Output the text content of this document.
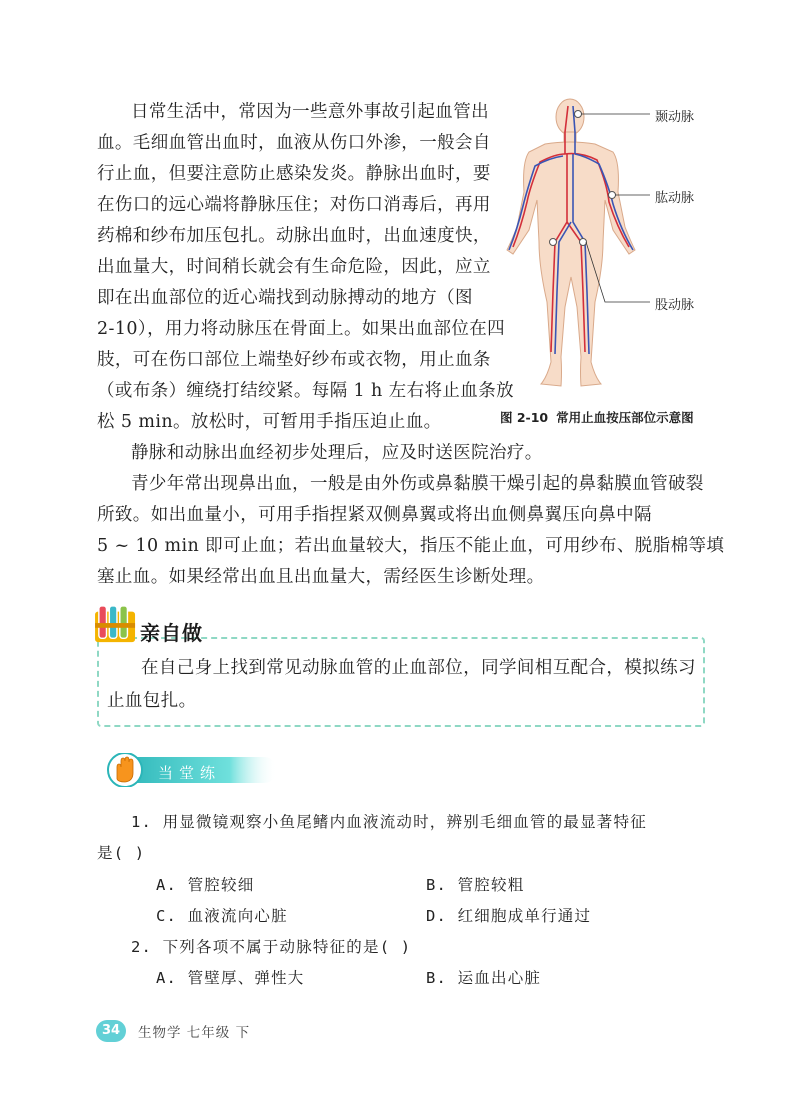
日常生活中，常因为一些意外事故引起血管出
血。毛细血管出血时，血液从伤口外渗，一般会自
行止血，但要注意防止感染发炎。静脉出血时，要
在伤口的远心端将静脉压住；对伤口消毒后，再用
药棉和纱布加压包扎。动脉出血时，出血速度快，
出血量大，时间稍长就会有生命危险，因此，应立
即在出血部位的近心端找到动脉搏动的地方（图
2-10），用力将动脉压在骨面上。如果出血部位在四
肢，可在伤口部位上端垫好纱布或衣物，用止血条
（或布条）缠绕打结绞紧。每隔 1 h 左右将止血条放
松 5 min。放松时，可暂用手指压迫止血。
静脉和动脉出血经初步处理后，应及时送医院治疗。
青少年常出现鼻出血，一般是由外伤或鼻黏膜干燥引起的鼻黏膜血管破裂
所致。如出血量小，可用手指捏紧双侧鼻翼或将出血侧鼻翼压向鼻中隔
5 ~ 10 min 即可止血；若出血量较大，指压不能止血，可用纱布、脱脂棉等填
塞止血。如果经常出血且出血量大，需经医生诊断处理。
颞动脉
肱动脉
股动脉
图 2-10 常用止血按压部位示意图
亲自做
在自己身上找到常见动脉血管的止血部位，同学间相互配合，模拟练习
止血包扎。
当堂练
1. 用显微镜观察小鱼尾鳍内血液流动时，辨别毛细血管的最显著特征
是( )
A. 管腔较细	B. 管腔较粗
C. 血液流向心脏	D. 红细胞成单行通过
2. 下列各项不属于动脉特征的是( )
A. 管壁厚、弹性大	B. 运血出心脏
34	生物学 七年级 下
